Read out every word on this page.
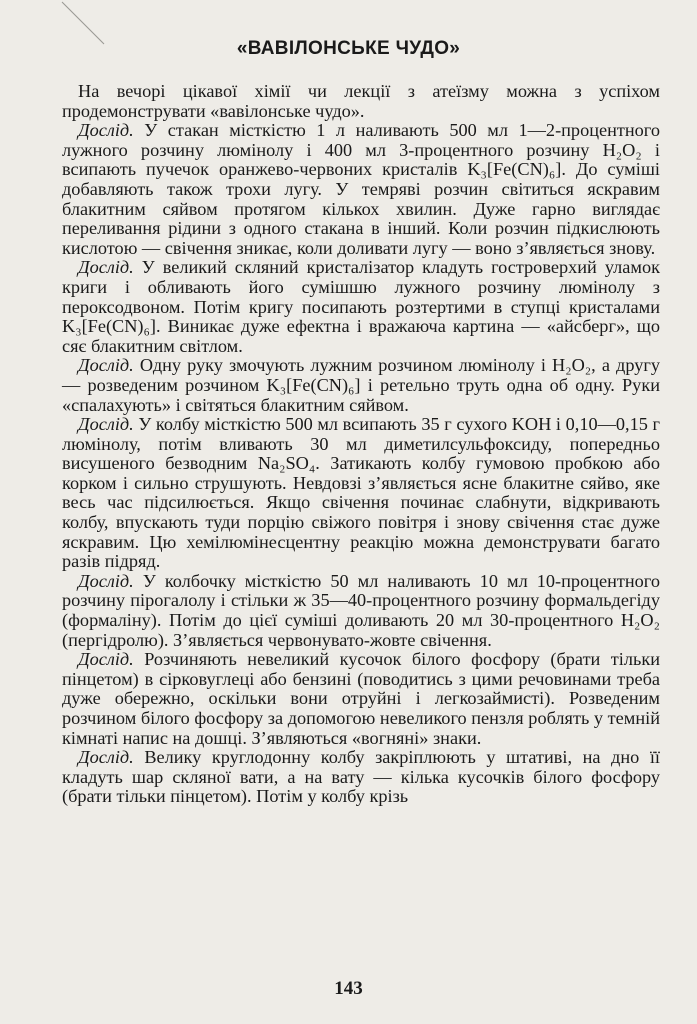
«ВАВІЛОНСЬКЕ ЧУДО»

На вечорі цікавої хімії чи лекції з атеїзму можна з успіхом продемонструвати «вавілонське чудо».

Дослід. У стакан місткістю 1 л наливають 500 мл 1—2-процентного лужного розчину люмінолу і 400 мл 3-процентного розчину H₂O₂ і всипають пучечок оранжево-червоних кристалів K₃[Fe(CN)₆]. До суміші добавляють також трохи лугу. У темряві розчин світиться яскравим блакитним сяйвом протягом кількох хвилин. Дуже гарно виглядає переливання рідини з одного стакана в інший. Коли розчин підкислюють кислотою — свічення зникає, коли доливати лугу — воно з’являється знову.

Дослід. У великий скляний кристалізатор кладуть гостроверхий уламок криги і обливають його сумішшю лужного розчину люмінолу з пероксодвоном. Потім кригу посипають розтертими в ступці кристалами K₃[Fe(CN)₆]. Виникає дуже ефектна і вражаюча картина — «айсберг», що сяє блакитним світлом.

Дослід. Одну руку змочують лужним розчином люмінолу і H₂O₂, а другу — розведеним розчином K₃[Fe(CN)₆] і ретельно труть одна об одну. Руки «спалахують» і світяться блакитним сяйвом.

Дослід. У колбу місткістю 500 мл всипають 35 г сухого KOH і 0,10—0,15 г люмінолу, потім вливають 30 мл диметилсульфоксиду, попередньо висушеного безводним Na₂SO₄. Затикають колбу гумовою пробкою або корком і сильно струшують. Невдовзі з’являється ясне блакитне сяйво, яке весь час підсилюється. Якщо свічення починає слабнути, відкривають колбу, впускають туди порцію свіжого повітря і знову свічення стає дуже яскравим. Цю хемілюмінесцентну реакцію можна демонструвати багато разів підряд.

Дослід. У колбочку місткістю 50 мл наливають 10 мл 10-процентного розчину пірогалолу і стільки ж 35—40-процентного розчину формальдегіду (формаліну). Потім до цієї суміші доливають 20 мл 30-процентного H₂O₂ (пергідролю). З’являється червонувато-жовте свічення.

Дослід. Розчиняють невеликий кусочок білого фосфору (брати тільки пінцетом) в сірковуглеці або бензині (поводитись з цими речовинами треба дуже обережно, оскільки вони отруйні і легкозаймисті). Розведеним розчином білого фосфору за допомогою невеликого пензля роблять у темній кімнаті напис на дошці. З’являються «вогняні» знаки.

Дослід. Велику круглодонну колбу закріплюють у штативі, на дно її кладуть шар скляної вати, а на вату — кілька кусочків білого фосфору (брати тільки пінцетом). Потім у колбу крізь

143
